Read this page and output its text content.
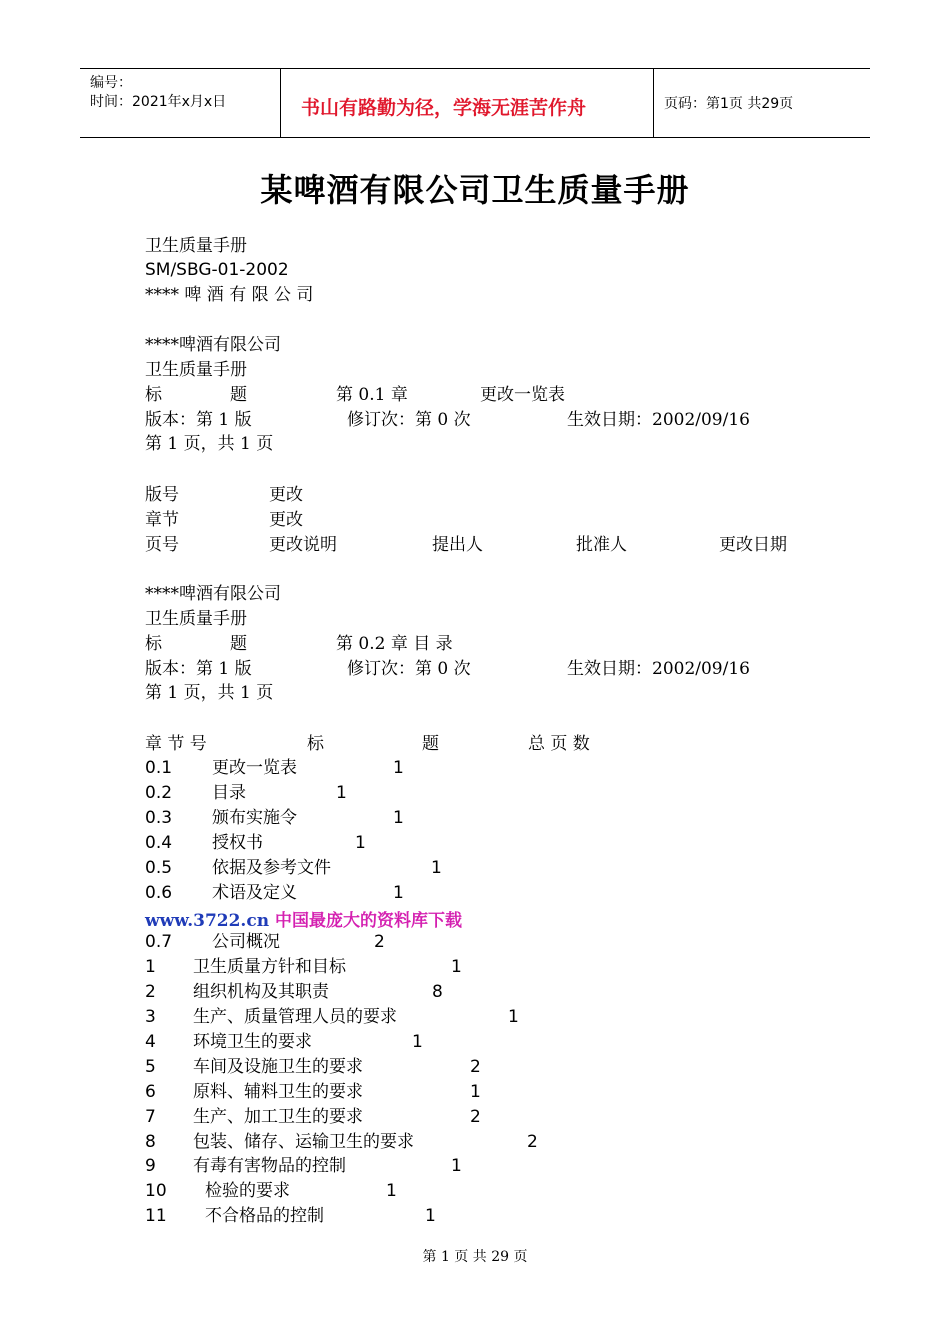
编号：
时间：2021年x月x日	书山有路勤为径，学海无涯苦作舟	页码：第1页 共29页
某啤酒有限公司卫生质量手册
卫生质量手册
SM/SBG-01-2002
**** 啤 酒 有 限 公 司
****啤酒有限公司
卫生质量手册
标	题	第 0.1 章	更改一览表
版本：第 1 版	修订次：第 0 次	生效日期：2002/09/16
第 1 页，共 1 页
版号	更改
章节	更改
页号	更改说明	提出人	批准人	更改日期
****啤酒有限公司
卫生质量手册
标	题	第 0.2 章 目 录
版本：第 1 版	修订次：第 0 次	生效日期：2002/09/16
第 1 页，共 1 页
章 节 号	标	题	总 页 数
0.1 更改一览表	1
0.2 目录	1
0.3 颁布实施令	1
0.4 授权书	1
0.5 依据及参考文件	1
0.6 术语及定义	1
www.3722.cn 中国最庞大的资料库下载
0.7 公司概况	2
1 卫生质量方针和目标	1
2 组织机构及其职责	8
3 生产、质量管理人员的要求	1
4 环境卫生的要求	1
5 车间及设施卫生的要求	2
6 原料、辅料卫生的要求	1
7 生产、加工卫生的要求	2
8 包装、储存、运输卫生的要求	2
9 有毒有害物品的控制	1
10 检验的要求	1
11 不合格品的控制	1
第 1 页 共 29 页
